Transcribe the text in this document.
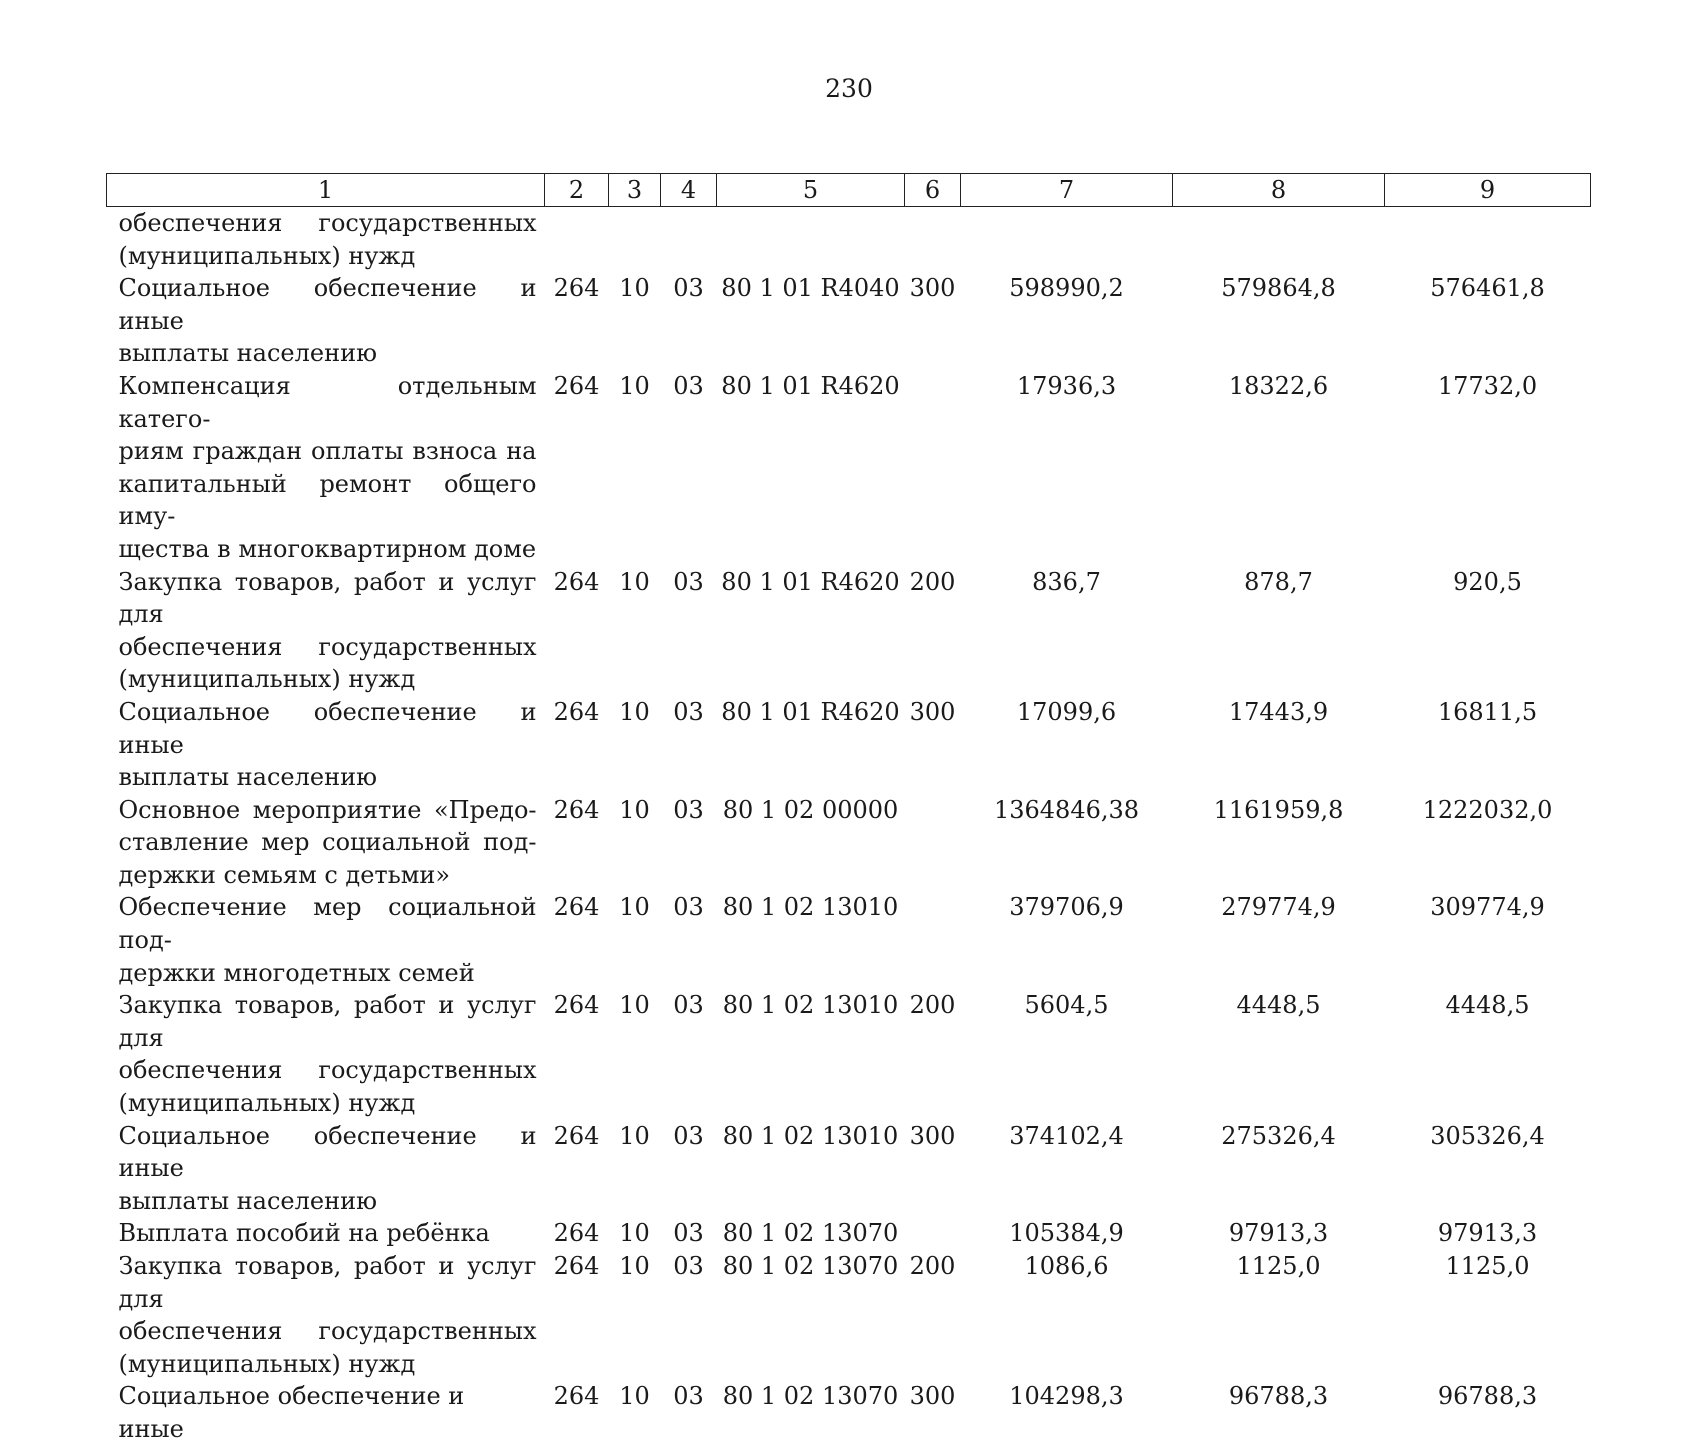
230
1	2	3	4	5	6	7	8	9

обеспечения государственных
(муниципальных) нужд								

Социальное обеспечение и иные
выплаты населению	264	10	03	80 1 01 R4040	300	598990,2	579864,8	576461,8

Компенсация отдельным катего-
риям граждан оплаты взноса на
капитальный ремонт общего иму-
щества в многоквартирном доме	264	10	03	80 1 01 R4620		17936,3	18322,6	17732,0

Закупка товаров, работ и услуг для
обеспечения государственных
(муниципальных) нужд	264	10	03	80 1 01 R4620	200	836,7	878,7	920,5

Социальное обеспечение и иные
выплаты населению	264	10	03	80 1 01 R4620	300	17099,6	17443,9	16811,5

Основное мероприятие «Предо-
ставление мер социальной под-
держки семьям с детьми»	264	10	03	80 1 02 00000		1364846,38	1161959,8	1222032,0

Обеспечение мер социальной под-
держки многодетных семей	264	10	03	80 1 02 13010		379706,9	279774,9	309774,9

Закупка товаров, работ и услуг для
обеспечения государственных
(муниципальных) нужд	264	10	03	80 1 02 13010	200	5604,5	4448,5	4448,5

Социальное обеспечение и иные
выплаты населению	264	10	03	80 1 02 13010	300	374102,4	275326,4	305326,4

Выплата пособий на ребёнка	264	10	03	80 1 02 13070		105384,9	97913,3	97913,3

Закупка товаров, работ и услуг для
обеспечения государственных
(муниципальных) нужд	264	10	03	80 1 02 13070	200	1086,6	1125,0	1125,0

Социальное обеспечение и иные	264	10	03	80 1 02 13070	300	104298,3	96788,3	96788,3
